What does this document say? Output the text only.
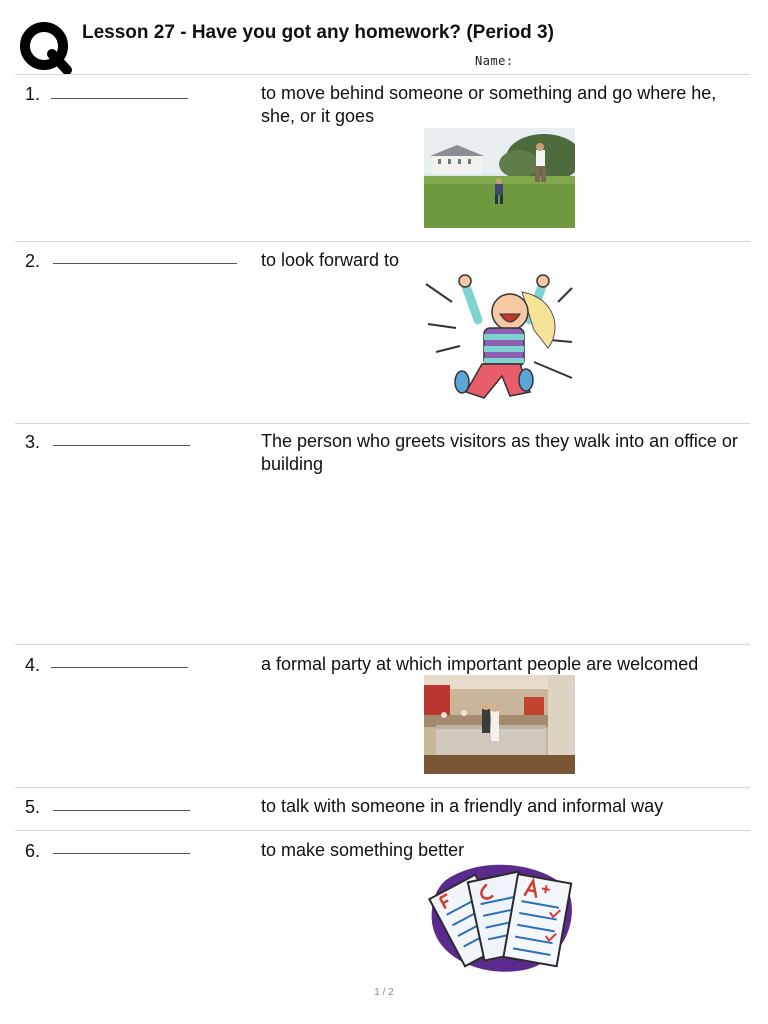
Lesson 27 - Have you got any homework? (Period 3)
Name:
1.	to move behind someone or something and go where he, she, or it goes
2.	to look forward to
3.	The person who greets visitors as they walk into an office or building
4.	a formal party at which important people are welcomed
5.	to talk with someone in a friendly and informal way
6.	to make something better
1 / 2
